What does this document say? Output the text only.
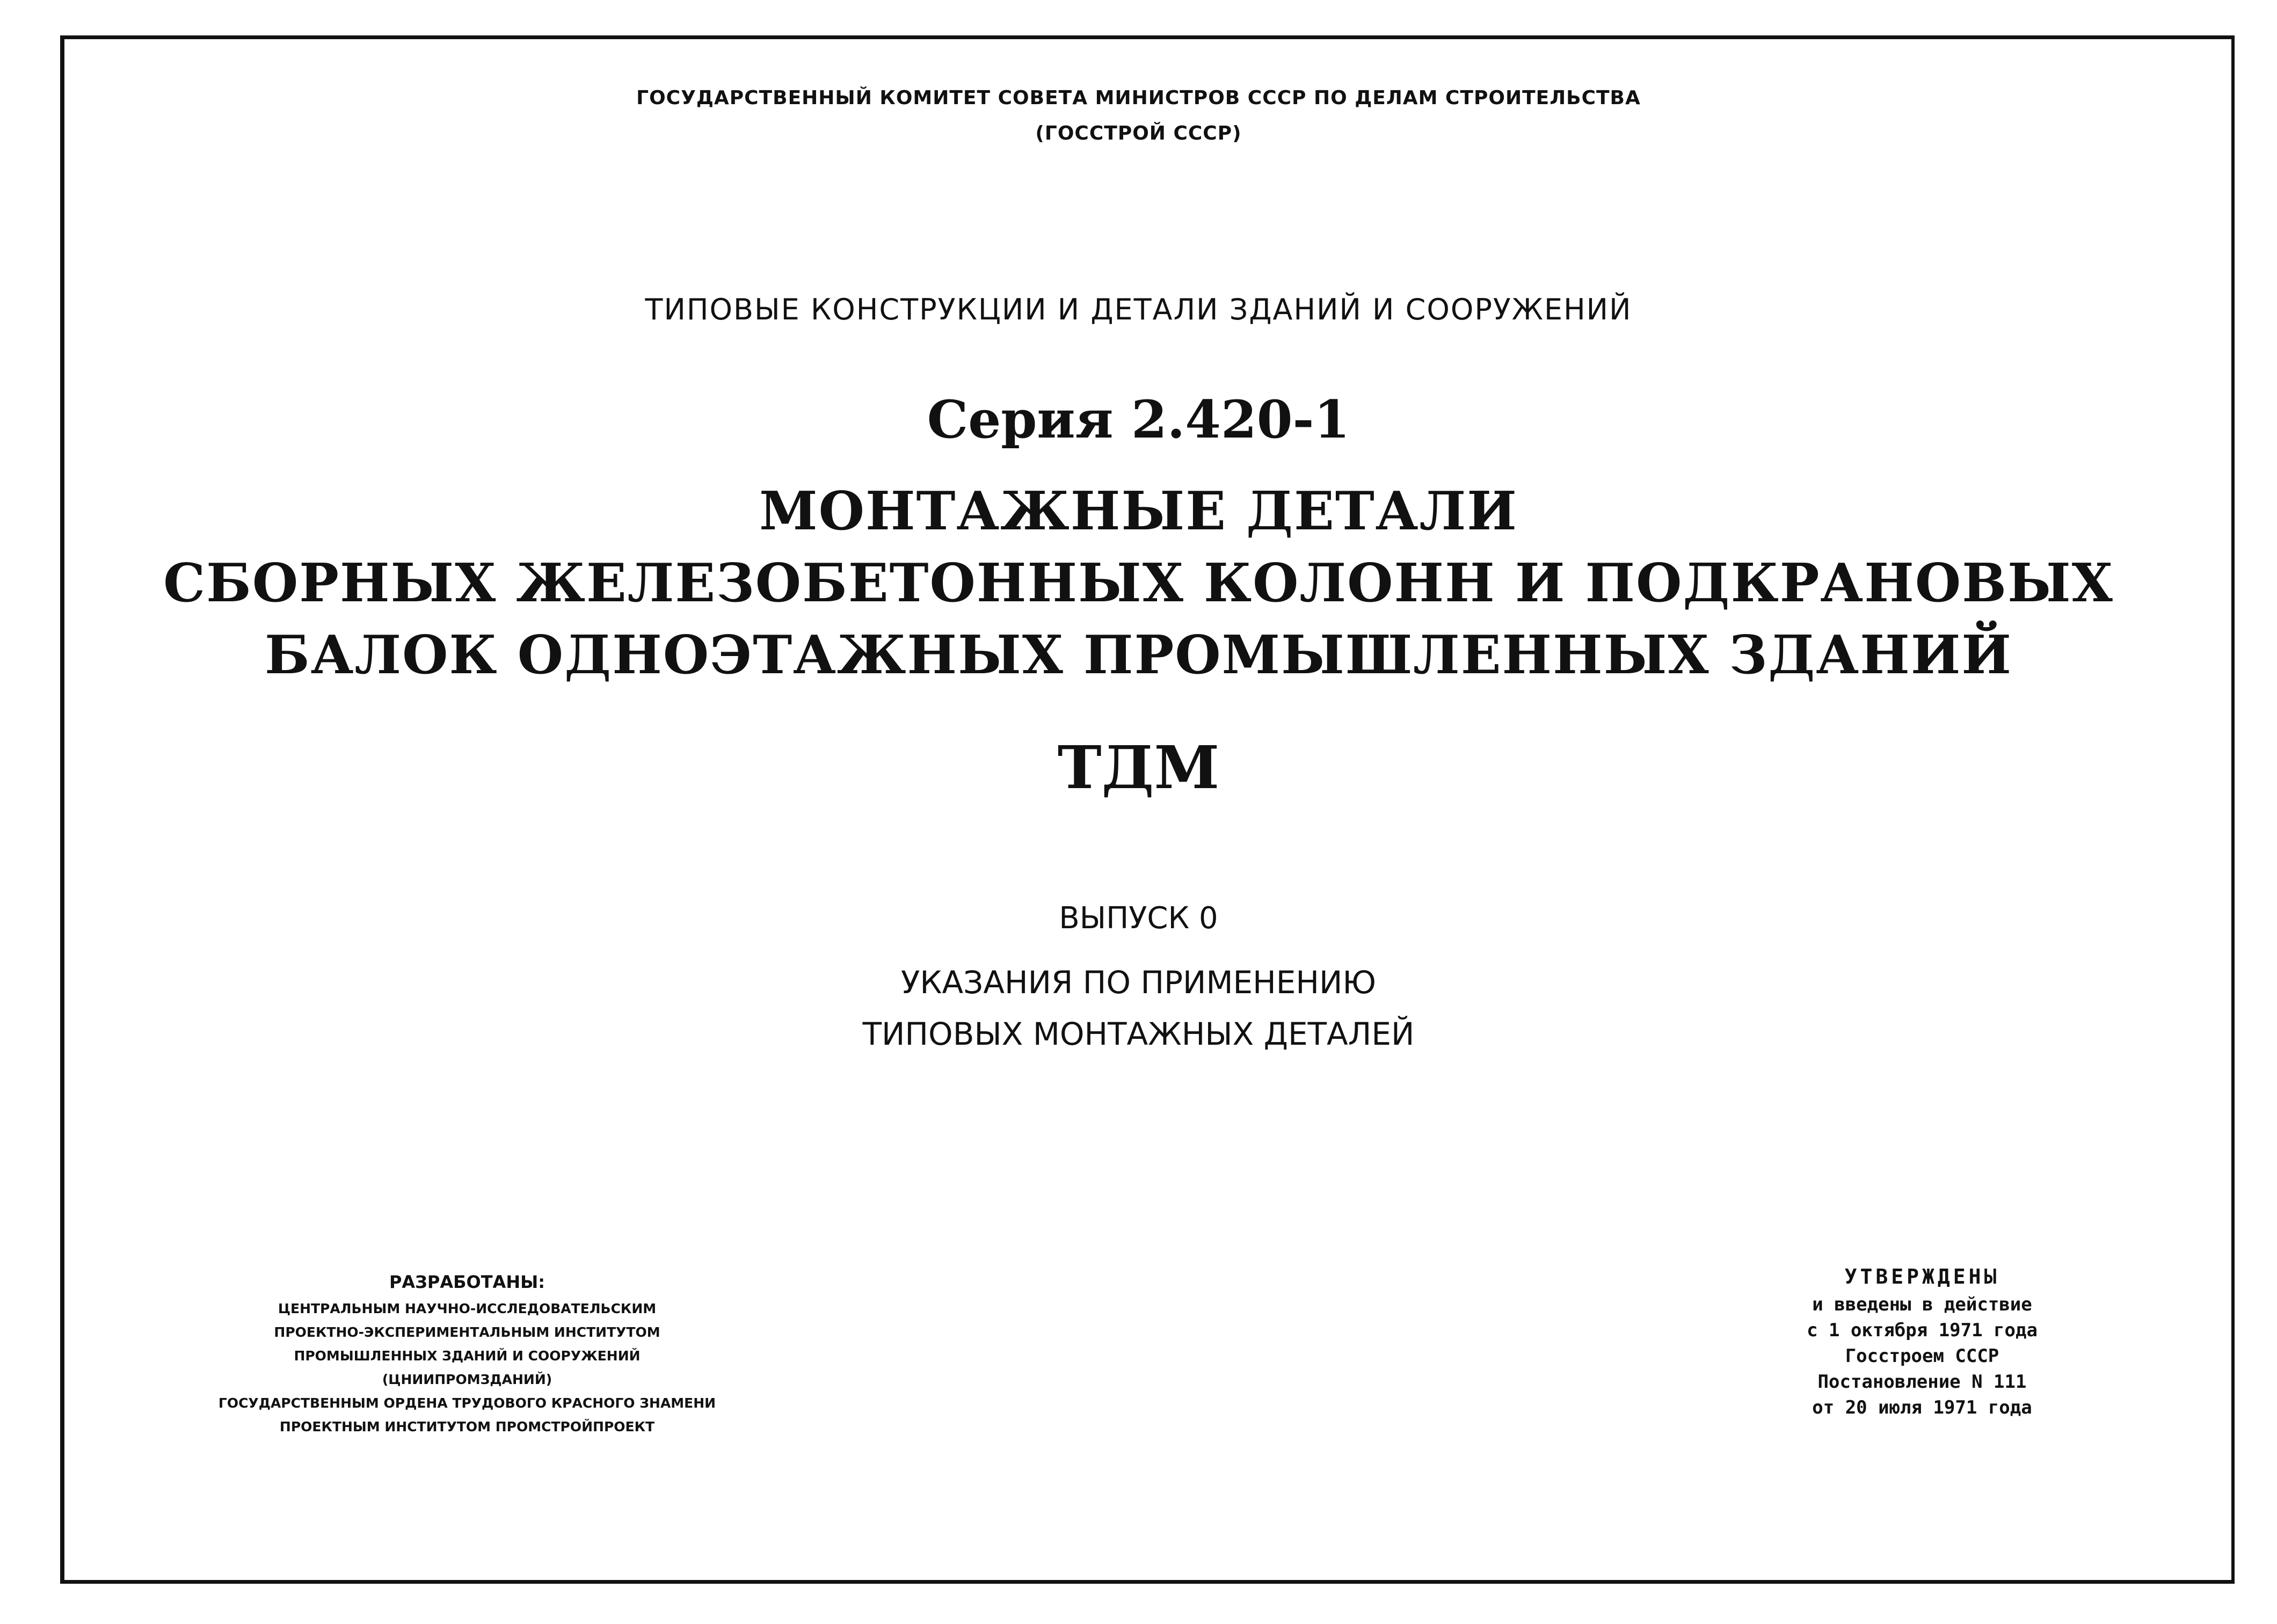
ГОСУДАРСТВЕННЫЙ КОМИТЕТ СОВЕТА МИНИСТРОВ СССР ПО ДЕЛАМ СТРОИТЕЛЬСТВА
(ГОССТРОЙ СССР)
ТИПОВЫЕ КОНСТРУКЦИИ И ДЕТАЛИ ЗДАНИЙ И СООРУЖЕНИЙ
Серия 2.420-1
МОНТАЖНЫЕ ДЕТАЛИ
СБОРНЫХ ЖЕЛЕЗОБЕТОННЫХ КОЛОНН И ПОДКРАНОВЫХ
БАЛОК ОДНОЭТАЖНЫХ ПРОМЫШЛЕННЫХ ЗДАНИЙ
ТДМ
ВЫПУСК 0
УКАЗАНИЯ ПО ПРИМЕНЕНИЮ
ТИПОВЫХ МОНТАЖНЫХ ДЕТАЛЕЙ
РАЗРАБОТАНЫ:
ЦЕНТРАЛЬНЫМ НАУЧНО-ИССЛЕДОВАТЕЛЬСКИМ
ПРОЕКТНО-ЭКСПЕРИМЕНТАЛЬНЫМ ИНСТИТУТОМ
ПРОМЫШЛЕННЫХ ЗДАНИЙ И СООРУЖЕНИЙ
(ЦНИИПРОМЗДАНИЙ)
ГОСУДАРСТВЕННЫМ ОРДЕНА ТРУДОВОГО КРАСНОГО ЗНАМЕНИ
ПРОЕКТНЫМ ИНСТИТУТОМ ПРОМСТРОЙПРОЕКТ
УТВЕРЖДЕНЫ
и введены в действие
с 1 октября 1971 года
Госстроем СССР
Постановление N 111
от 20 июля 1971 года
